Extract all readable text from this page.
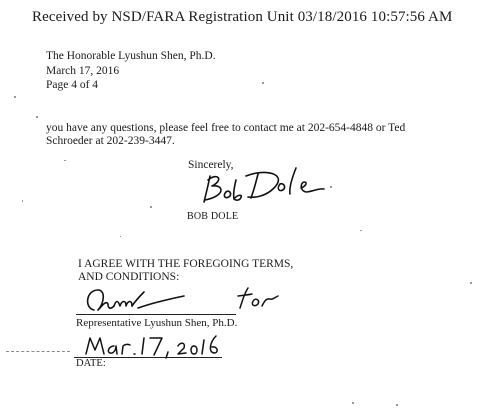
Received by NSD/FARA Registration Unit 03/18/2016 10:57:56 AM
The Honorable Lyushun Shen, Ph.D.
March 17, 2016
Page 4 of 4
you have any questions, please feel free to contact me at 202-654-4848 or Ted
Schroeder at 202-239-3447.
Sincerely,
BOB DOLE
I AGREE WITH THE FOREGOING TERMS,
AND CONDITIONS:
Representative Lyushun Shen, Ph.D.
DATE:
